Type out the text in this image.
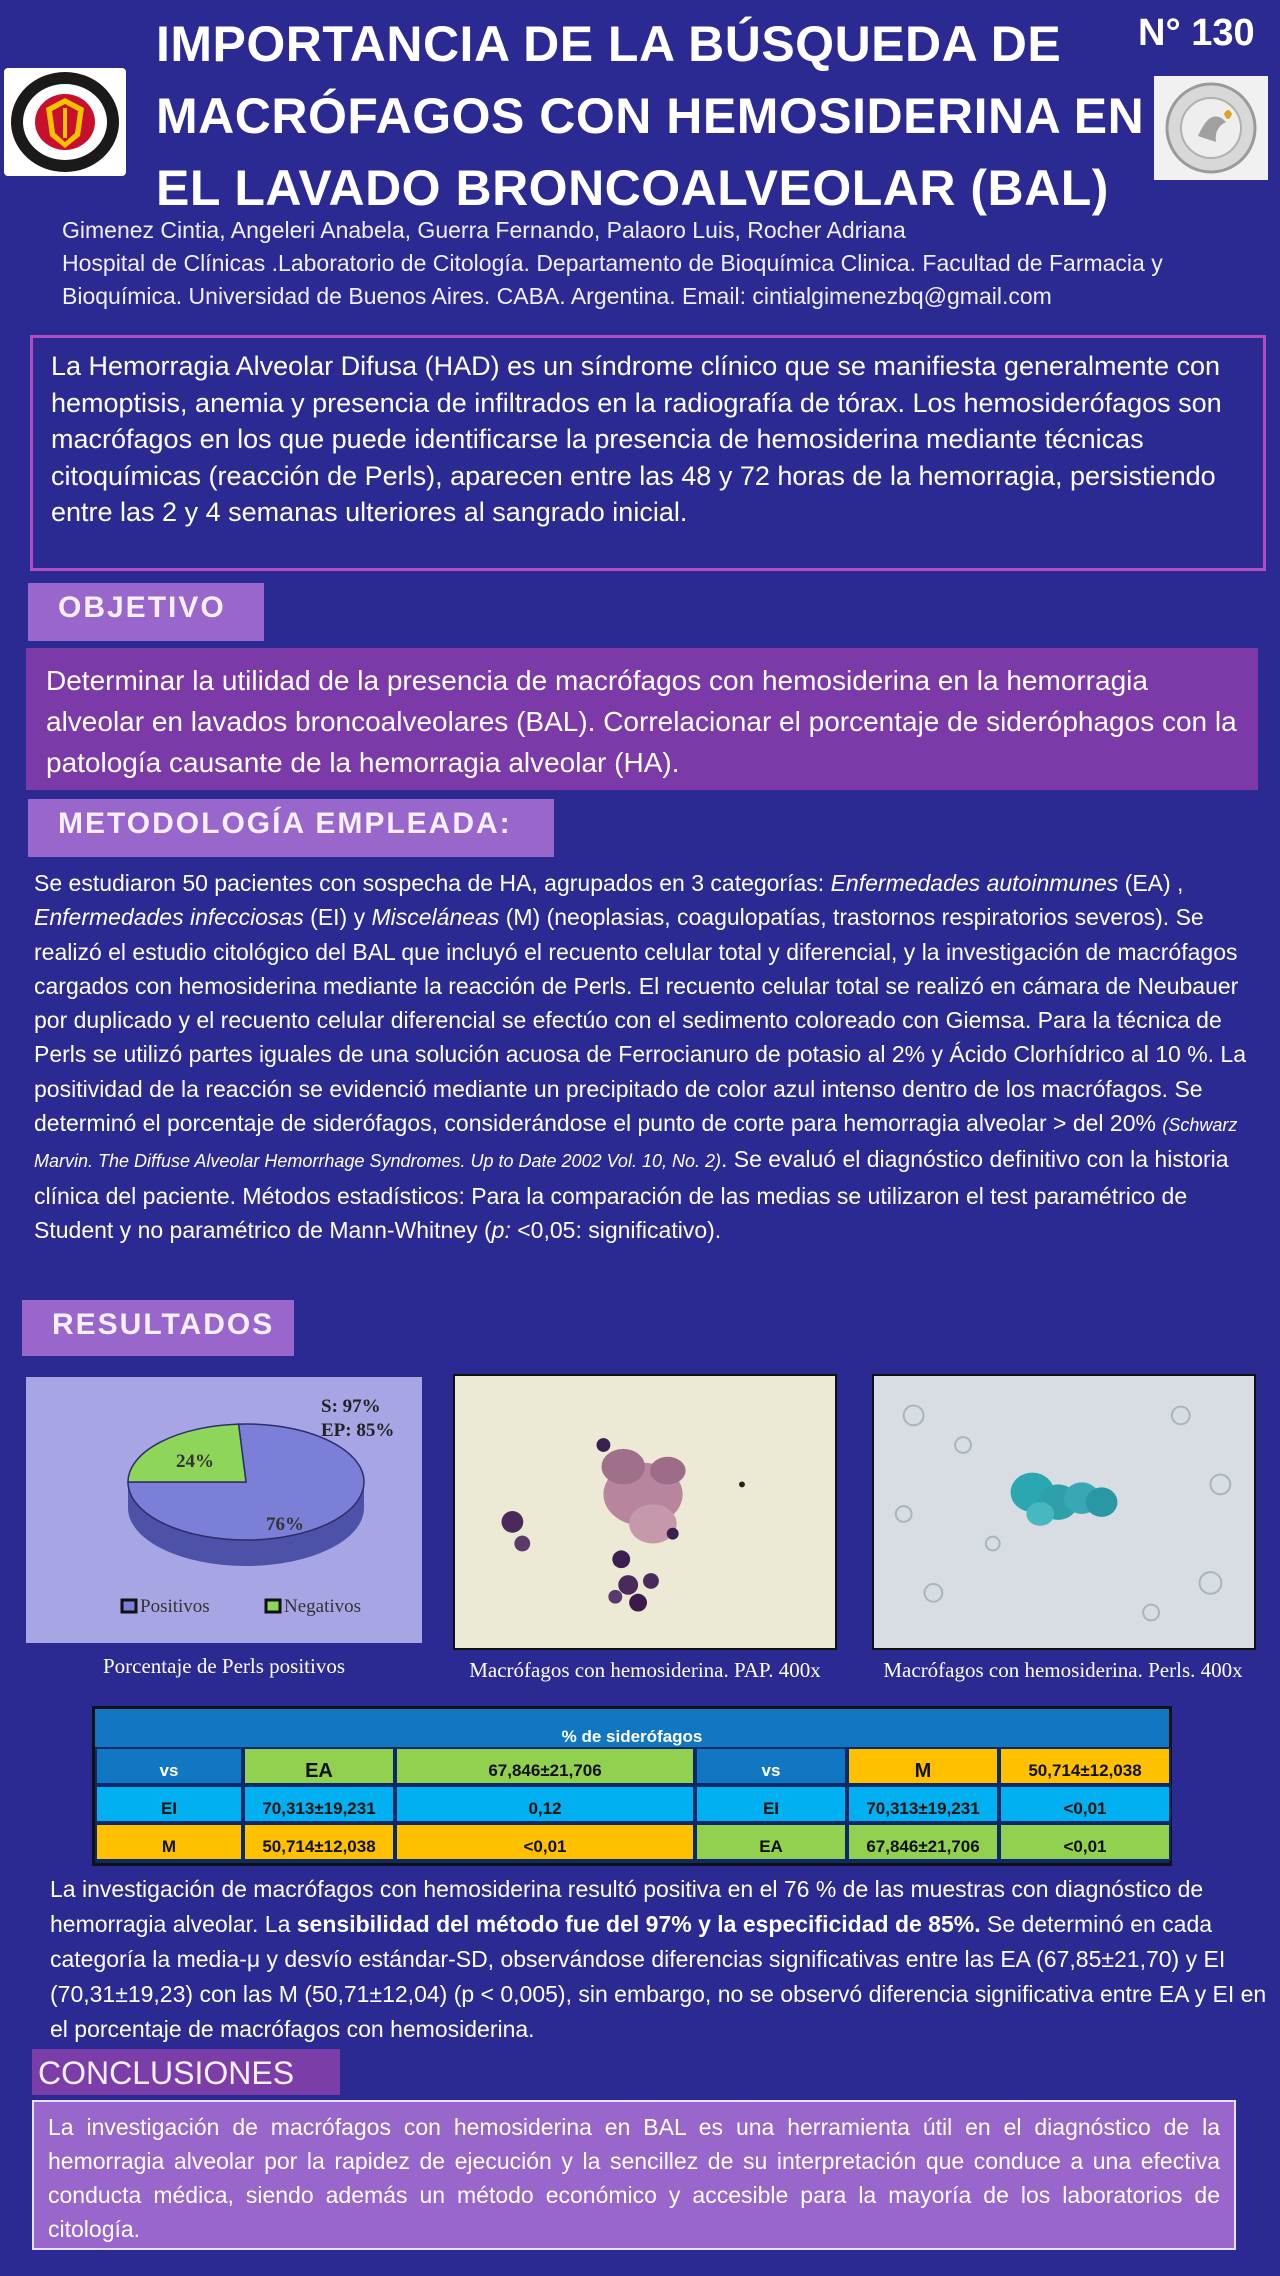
IMPORTANCIA DE LA BÚSQUEDA DE
MACRÓFAGOS CON HEMOSIDERINA EN
EL LAVADO BRONCOALVEOLAR (BAL)
N° 130
Gimenez Cintia, Angeleri Anabela, Guerra Fernando, Palaoro Luis, Rocher Adriana
Hospital de Clínicas .Laboratorio de Citología. Departamento de Bioquímica Clinica. Facultad de Farmacia y
Bioquímica. Universidad de Buenos Aires. CABA. Argentina. Email: cintialgimenezbq@gmail.com
La Hemorragia Alveolar Difusa (HAD) es un síndrome clínico que se manifiesta generalmente con hemoptisis, anemia y presencia de infiltrados en la radiografía de tórax. Los hemosiderófagos son macrófagos en los que puede identificarse la presencia de hemosiderina mediante técnicas citoquímicas (reacción de Perls), aparecen entre las 48 y 72 horas de la hemorragia, persistiendo entre las 2 y 4 semanas ulteriores al sangrado inicial.
OBJETIVO
Determinar la utilidad de la presencia de macrófagos con hemosiderina en la hemorragia alveolar en lavados broncoalveolares (BAL). Correlacionar el porcentaje de sideróphagos con la patología causante de la hemorragia alveolar (HA).
METODOLOGÍA EMPLEADA:
Se estudiaron 50 pacientes con sospecha de HA, agrupados en 3 categorías: Enfermedades autoinmunes (EA) , Enfermedades infecciosas (EI) y Misceláneas (M) (neoplasias, coagulopatías, trastornos respiratorios severos). Se realizó el estudio citológico del BAL que incluyó el recuento celular total y diferencial, y la investigación de macrófagos cargados con hemosiderina mediante la reacción de Perls. El recuento celular total se realizó en cámara de Neubauer por duplicado y el recuento celular diferencial se efectúo con el sedimento coloreado con Giemsa. Para la técnica de Perls se utilizó partes iguales de una solución acuosa de Ferrocianuro de potasio al 2% y Ácido Clorhídrico al 10 %. La positividad de la reacción se evidenció mediante un precipitado de color azul intenso dentro de los macrófagos. Se determinó el porcentaje de siderófagos, considerándose el punto de corte para hemorragia alveolar > del 20% (Schwarz Marvin. The Diffuse Alveolar Hemorrhage Syndromes. Up to Date 2002 Vol. 10, No. 2). Se evaluó el diagnóstico definitivo con la historia clínica del paciente. Métodos estadísticos: Para la comparación de las medias se utilizaron el test paramétrico de Student y no paramétrico de Mann-Whitney (p: <0,05: significativo).
RESULTADOS
24%
76%
S: 97%
EP: 85%
Positivos	Negativos
Porcentaje de Perls positivos	Macrófagos con hemosiderina. PAP. 400x	Macrófagos con hemosiderina. Perls. 400x
% de siderófagos
vs	EA	67,846±21,706	vs	M	50,714±12,038
EI	70,313±19,231	0,12	EI	70,313±19,231	<0,01
M	50,714±12,038	<0,01	EA	67,846±21,706	<0,01
La investigación de macrófagos con hemosiderina resultó positiva en el 76 % de las muestras con diagnóstico de hemorragia alveolar. La sensibilidad del método fue del 97% y la especificidad de 85%. Se determinó en cada categoría la media-μ y desvío estándar-SD, observándose diferencias significativas entre las EA (67,85±21,70) y EI (70,31±19,23) con las M (50,71±12,04) (p < 0,005), sin embargo, no se observó diferencia significativa entre EA y EI en el porcentaje de macrófagos con hemosiderina.
CONCLUSIONES
La investigación de macrófagos con hemosiderina en BAL es una herramienta útil en el diagnóstico de la hemorragia alveolar por la rapidez de ejecución y la sencillez de su interpretación que conduce a una efectiva conducta médica, siendo además un método económico y accesible para la mayoría de los laboratorios de citología.
